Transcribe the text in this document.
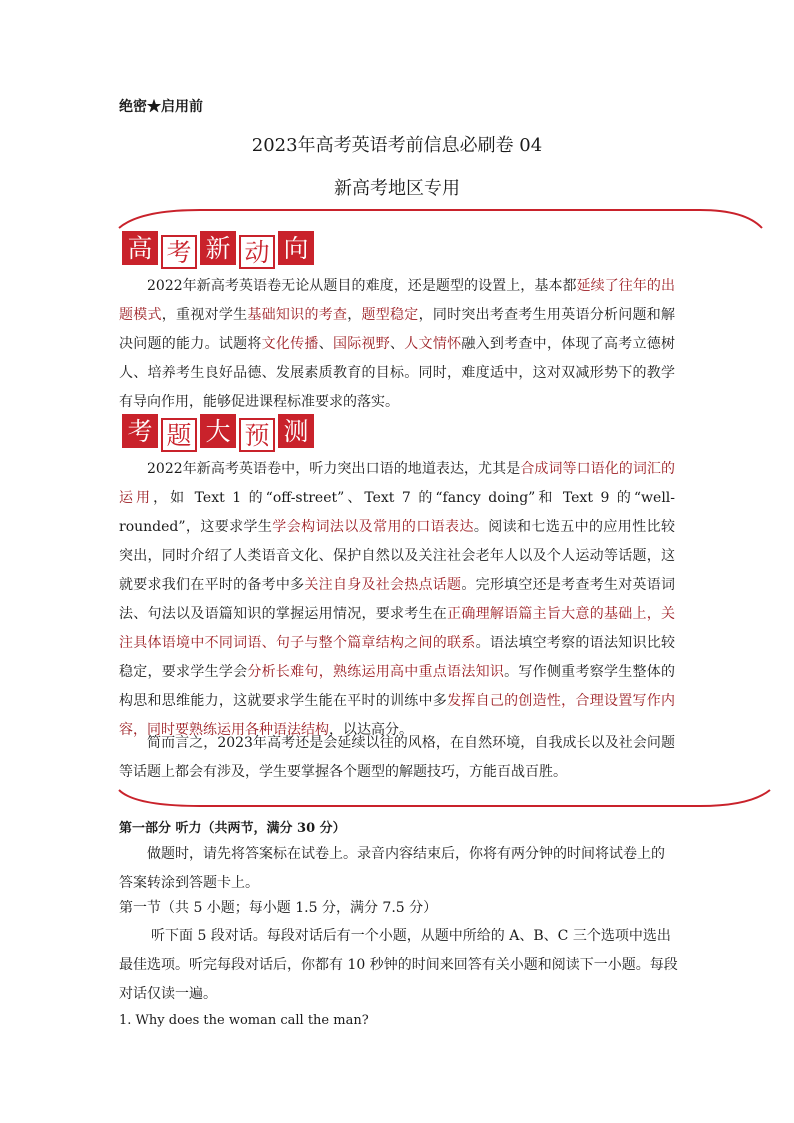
绝密★启用前
2023年高考英语考前信息必刷卷 04
新高考地区专用
高 考 新 动 向
2022年新高考英语卷无论从题目的难度，还是题型的设置上，基本都延续了往年的出题模式，重视对学生基础知识的考查，题型稳定，同时突出考查考生用英语分析问题和解决问题的能力。试题将文化传播、国际视野、人文情怀融入到考查中，体现了高考立德树人、培养考生良好品德、发展素质教育的目标。同时，难度适中，这对双减形势下的教学有导向作用，能够促进课程标准要求的落实。
考 题 大 预 测
2022年新高考英语卷中，听力突出口语的地道表达，尤其是合成词等口语化的词汇的运用，如 Text 1 的“off-street”、Text 7 的“fancy doing”和 Text 9 的“well-rounded”，这要求学生学会构词法以及常用的口语表达。阅读和七选五中的应用性比较突出，同时介绍了人类语音文化、保护自然以及关注社会老年人以及个人运动等话题，这就要求我们在平时的备考中多关注自身及社会热点话题。完形填空还是考查考生对英语词法、句法以及语篇知识的掌握运用情况，要求考生在正确理解语篇主旨大意的基础上，关注具体语境中不同词语、句子与整个篇章结构之间的联系。语法填空考察的语法知识比较稳定，要求学生学会分析长难句，熟练运用高中重点语法知识。写作侧重考察学生整体的构思和思维能力，这就要求学生能在平时的训练中多发挥自己的创造性，合理设置写作内容，同时要熟练运用各种语法结构，以达高分。
简而言之，2023年高考还是会延续以往的风格，在自然环境，自我成长以及社会问题等话题上都会有涉及，学生要掌握各个题型的解题技巧，方能百战百胜。
第一部分 听力（共两节，满分 30 分）
做题时，请先将答案标在试卷上。录音内容结束后，你将有两分钟的时间将试卷上的
答案转涂到答题卡上。
第一节（共 5 小题；每小题 1.5 分，满分 7.5 分）
听下面 5 段对话。每段对话后有一个小题，从题中所给的 A、B、C 三个选项中选出
最佳选项。听完每段对话后，你都有 10 秒钟的时间来回答有关小题和阅读下一小题。每段
对话仅读一遍。
1. Why does the woman call the man?
